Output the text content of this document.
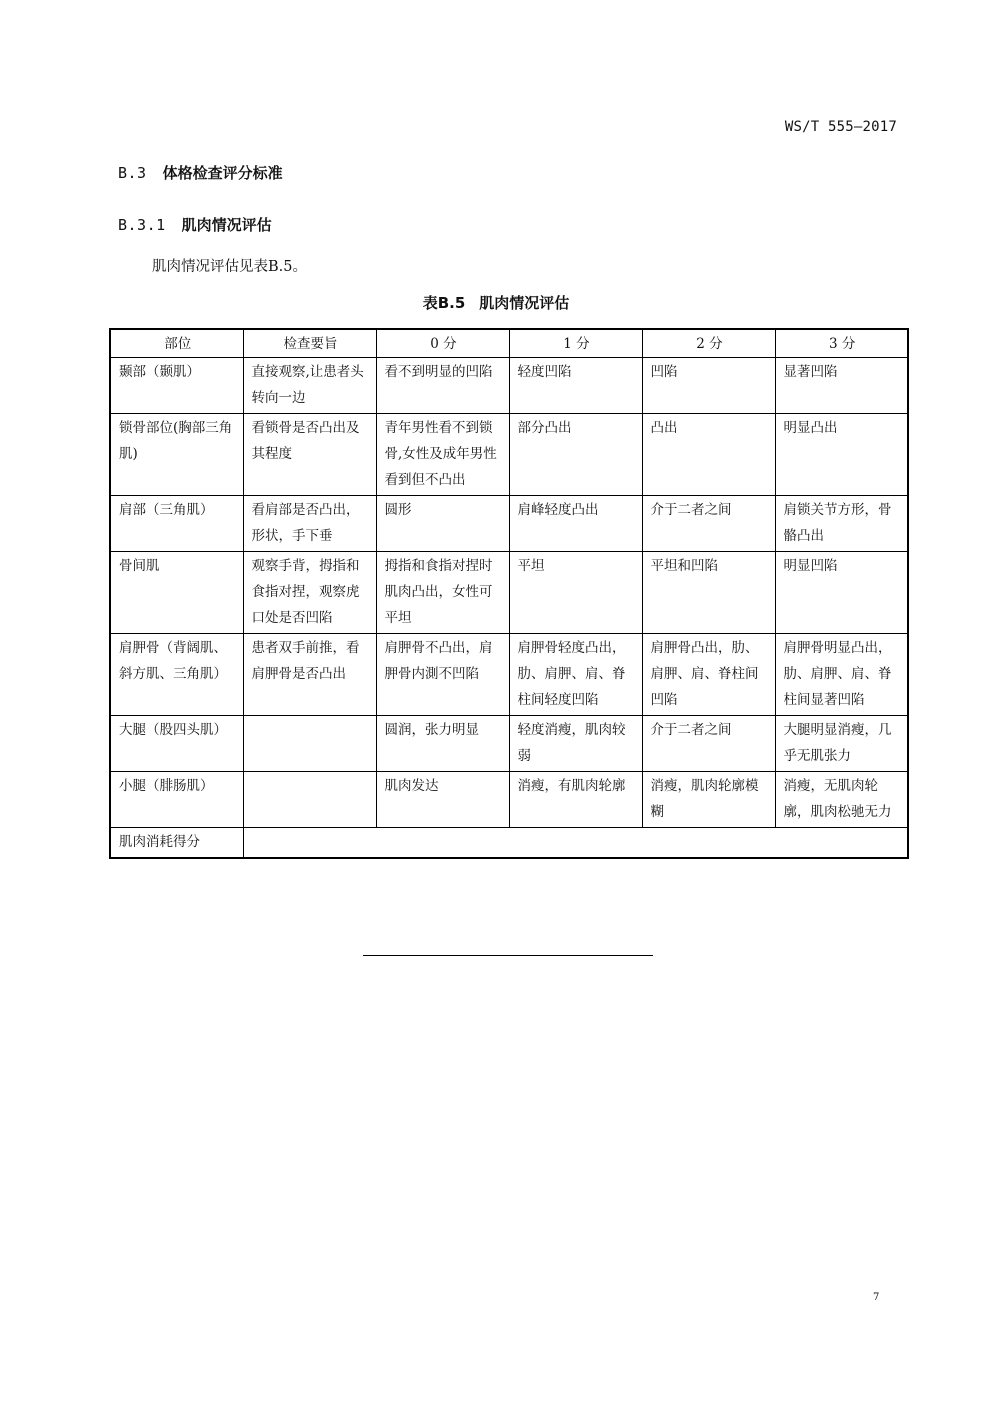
WS/T 555—2017
B.3 体格检查评分标准
B.3.1 肌肉情况评估
肌肉情况评估见表B.5。
表B.5 肌肉情况评估
部位	检查要旨	0 分	1 分	2 分	3 分
颞部（颞肌）	直接观察,让患者头转向一边	看不到明显的凹陷	轻度凹陷	凹陷	显著凹陷
锁骨部位(胸部三角肌)	看锁骨是否凸出及其程度	青年男性看不到锁骨,女性及成年男性看到但不凸出	部分凸出	凸出	明显凸出
肩部（三角肌）	看肩部是否凸出，形状，手下垂	圆形	肩峰轻度凸出	介于二者之间	肩锁关节方形，骨骼凸出
骨间肌	观察手背，拇指和食指对捏，观察虎口处是否凹陷	拇指和食指对捏时肌肉凸出，女性可平坦	平坦	平坦和凹陷	明显凹陷
肩胛骨（背阔肌、斜方肌、三角肌）	患者双手前推，看肩胛骨是否凸出	肩胛骨不凸出，肩胛骨内測不凹陷	肩胛骨轻度凸出，肋、肩胛、肩、脊柱间轻度凹陷	肩胛骨凸出，肋、肩胛、肩、脊柱间凹陷	肩胛骨明显凸出，肋、肩胛、肩、脊柱间显著凹陷
大腿（股四头肌）		圆润，张力明显	轻度消瘦，肌肉较弱	介于二者之间	大腿明显消瘦，几乎无肌张力
小腿（腓肠肌）		肌肉发达	消瘦，有肌肉轮廓	消瘦，肌肉轮廓模糊	消瘦，无肌肉轮廓，肌肉松驰无力
肌肉消耗得分					
7
